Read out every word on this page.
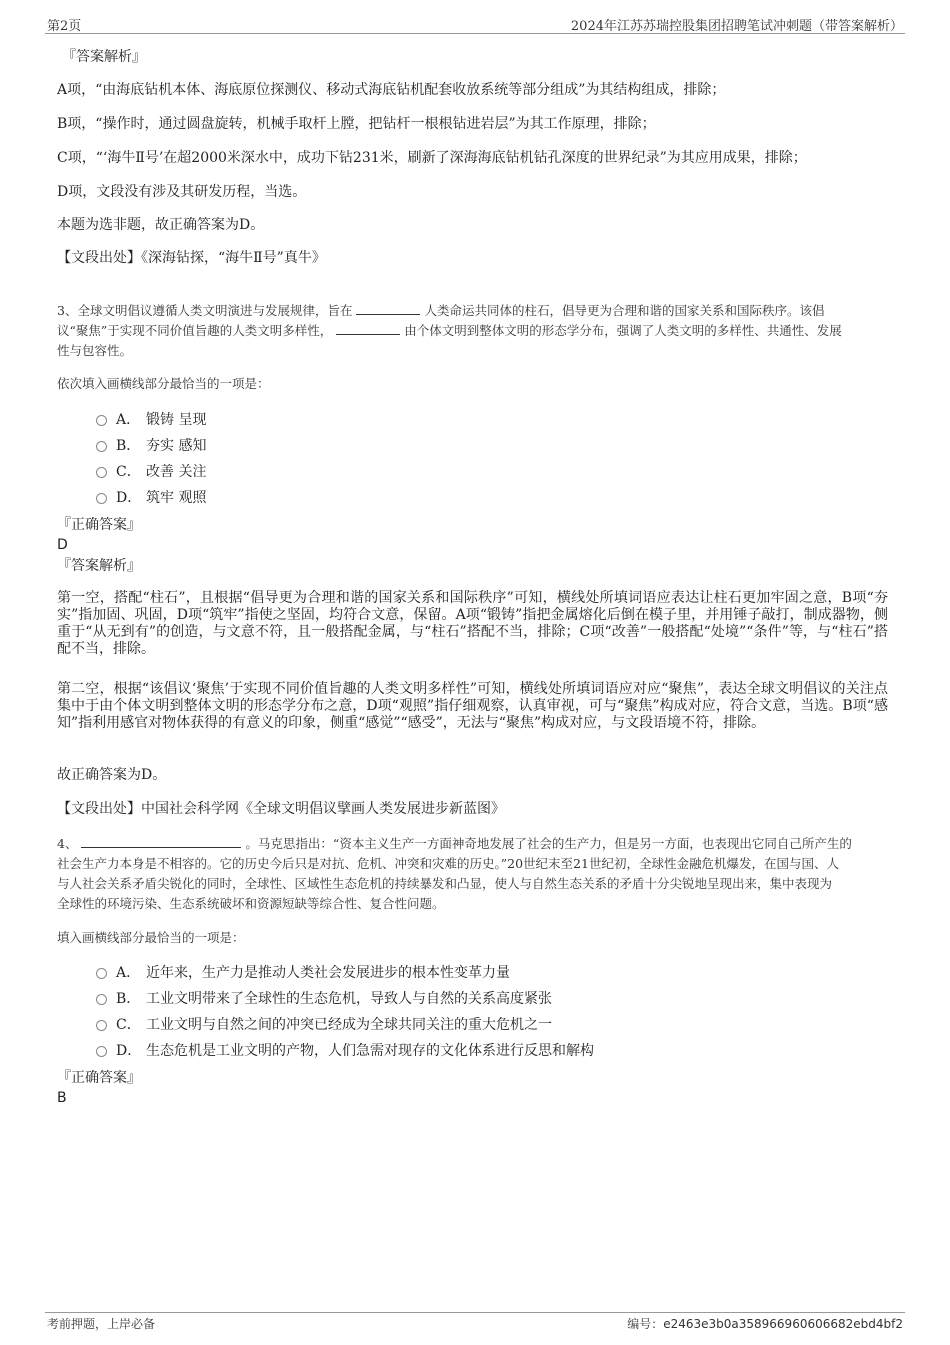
第2页	2024年江苏苏瑞控股集团招聘笔试冲刺题（带答案解析）
『答案解析』
A项，“由海底钻机本体、海底原位探测仪、移动式海底钻机配套收放系统等部分组成”为其结构组成，排除；
B项，“操作时，通过圆盘旋转，机械手取杆上膛，把钻杆一根根钻进岩层”为其工作原理，排除；
C项，“‘海牛Ⅱ号’在超2000米深水中，成功下钻231米，刷新了深海海底钻机钻孔深度的世界纪录”为其应用成果，排除；
D项，文段没有涉及其研发历程，当选。
本题为选非题，故正确答案为D。
【文段出处】《深海钻探，“海牛Ⅱ号”真牛》
3、全球文明倡议遵循人类文明演进与发展规律，旨在	人类命运共同体的柱石，倡导更为合理和谐的国家关系和国际秩序。该倡
议“聚焦”于实现不同价值旨趣的人类文明多样性，	由个体文明到整体文明的形态学分布，强调了人类文明的多样性、共通性、发展
性与包容性。
依次填入画横线部分最恰当的一项是：
A． 锻铸 呈现
B． 夯实 感知
C． 改善 关注
D． 筑牢 观照
『正确答案』
D
『答案解析』
第一空，搭配“柱石”，且根据“倡导更为合理和谐的国家关系和国际秩序”可知，横线处所填词语应表达让柱石更加牢固之意，B项“夯实”指加固、巩固，D项“筑牢”指使之坚固，均符合文意，保留。A项“锻铸”指把金属熔化后倒在模子里，并用锤子敲打，制成器物，侧重于“从无到有”的创造，与文意不符，且一般搭配金属，与“柱石”搭配不当，排除；C项“改善”一般搭配“处境”“条件”等，与“柱石”搭配不当，排除。
第二空，根据“该倡议‘聚焦’于实现不同价值旨趣的人类文明多样性”可知，横线处所填词语应对应“聚焦”，表达全球文明倡议的关注点集中于由个体文明到整体文明的形态学分布之意，D项“观照”指仔细观察，认真审视，可与“聚焦”构成对应，符合文意，当选。B项“感知”指利用感官对物体获得的有意义的印象，侧重“感觉”“感受”，无法与“聚焦”构成对应，与文段语境不符，排除。
故正确答案为D。
【文段出处】中国社会科学网《全球文明倡议擘画人类发展进步新蓝图》
4、	。马克思指出：“资本主义生产一方面神奇地发展了社会的生产力，但是另一方面，也表现出它同自己所产生的
社会生产力本身是不相容的。它的历史今后只是对抗、危机、冲突和灾难的历史。”20世纪末至21世纪初，全球性金融危机爆发，在国与国、人
与人社会关系矛盾尖锐化的同时，全球性、区域性生态危机的持续暴发和凸显，使人与自然生态关系的矛盾十分尖锐地呈现出来，集中表现为
全球性的环境污染、生态系统破坏和资源短缺等综合性、复合性问题。
填入画横线部分最恰当的一项是：
A． 近年来，生产力是推动人类社会发展进步的根本性变革力量
B． 工业文明带来了全球性的生态危机，导致人与自然的关系高度紧张
C． 工业文明与自然之间的冲突已经成为全球共同关注的重大危机之一
D． 生态危机是工业文明的产物，人们急需对现存的文化体系进行反思和解构
『正确答案』
B
考前押题，上岸必备	编号：e2463e3b0a358966960606682ebd4bf2
